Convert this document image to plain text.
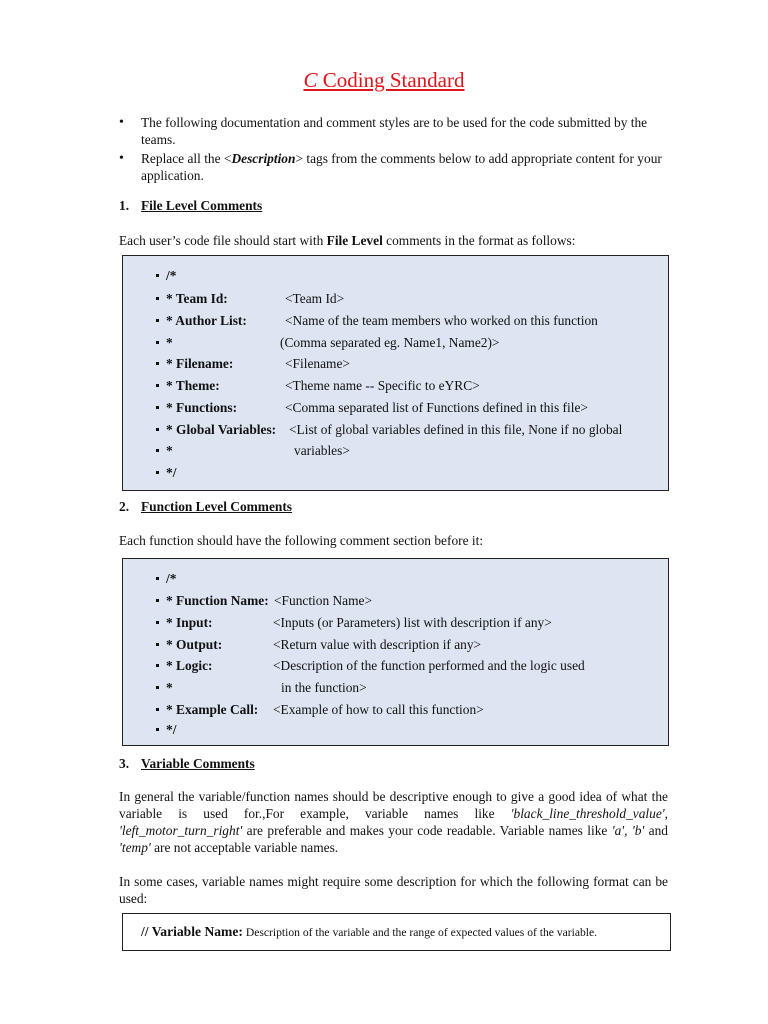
C Coding Standard
• The following documentation and comment styles are to be used for the code submitted by the teams.
• Replace all the <Description> tags from the comments below to add appropriate content for your application.
1. File Level Comments
Each user’s code file should start with File Level comments in the format as follows:
/*
* Team Id:	<Team Id>
* Author List:	<Name of the team members who worked on this function
*	(Comma separated eg. Name1, Name2)>
* Filename:	<Filename>
* Theme:	<Theme name -- Specific to eYRC>
* Functions:	<Comma separated list of Functions defined in this file>
* Global Variables: <List of global variables defined in this file, None if no global
*	variables>
*/
2. Function Level Comments
Each function should have the following comment section before it:
/*
* Function Name: <Function Name>
* Input:	<Inputs (or Parameters) list with description if any>
* Output:	<Return value with description if any>
* Logic:	<Description of the function performed and the logic used
*	in the function>
* Example Call: <Example of how to call this function>
*/
3. Variable Comments
In general the variable/function names should be descriptive enough to give a good idea of what the variable is used for.,For example, variable names like 'black_line_threshold_value', 'left_motor_turn_right' are preferable and makes your code readable. Variable names like 'a', 'b' and 'temp' are not acceptable variable names.
In some cases, variable names might require some description for which the following format can be used:
// Variable Name: Description of the variable and the range of expected values of the variable.
